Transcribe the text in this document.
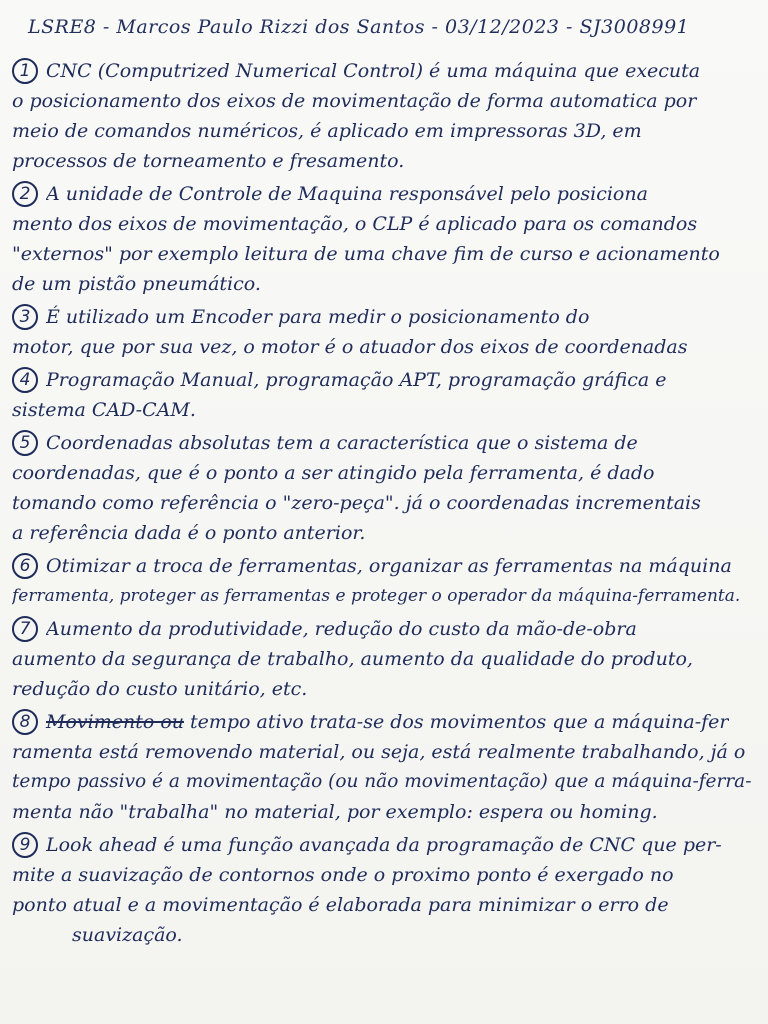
LSRE8 - Marcos Paulo Rizzi dos Santos - 03/12/2023 - SJ3008991
1 CNC (Computrized Numerical Control) é uma máquina que executa
o posicionamento dos eixos de movimentação de forma automatica por
meio de comandos numéricos, é aplicado em impressoras 3D, em
processos de torneamento e fresamento.
2 A unidade de Controle de Maquina responsável pelo posiciona
mento dos eixos de movimentação, o CLP é aplicado para os comandos
"externos" por exemplo leitura de uma chave fim de curso e acionamento
de um pistão pneumático.
3 É utilizado um Encoder para medir o posicionamento do
motor, que por sua vez, o motor é o atuador dos eixos de coordenadas
4 Programação Manual, programação APT, programação gráfica e
sistema CAD-CAM.
5 Coordenadas absolutas tem a característica que o sistema de
coordenadas, que é o ponto a ser atingido pela ferramenta, é dado
tomando como referência o "zero-peça". já o coordenadas incrementais
a referência dada é o ponto anterior.
6 Otimizar a troca de ferramentas, organizar as ferramentas na máquina
ferramenta, proteger as ferramentas e proteger o operador da máquina-ferramenta.
7 Aumento da produtividade, redução do custo da mão-de-obra
aumento da segurança de trabalho, aumento da qualidade do produto,
redução do custo unitário, etc.
8 Movimento ou tempo ativo trata-se dos movimentos que a máquina-fer
ramenta está removendo material, ou seja, está realmente trabalhando, já o
tempo passivo é a movimentação (ou não movimentação) que a máquina-ferra-
menta não "trabalha" no material, por exemplo: espera ou homing.
9 Look ahead é uma função avançada da programação de CNC que per-
mite a suavização de contornos onde o proximo ponto é exergado no
ponto atual e a movimentação é elaborada para minimizar o erro de
suavização.
